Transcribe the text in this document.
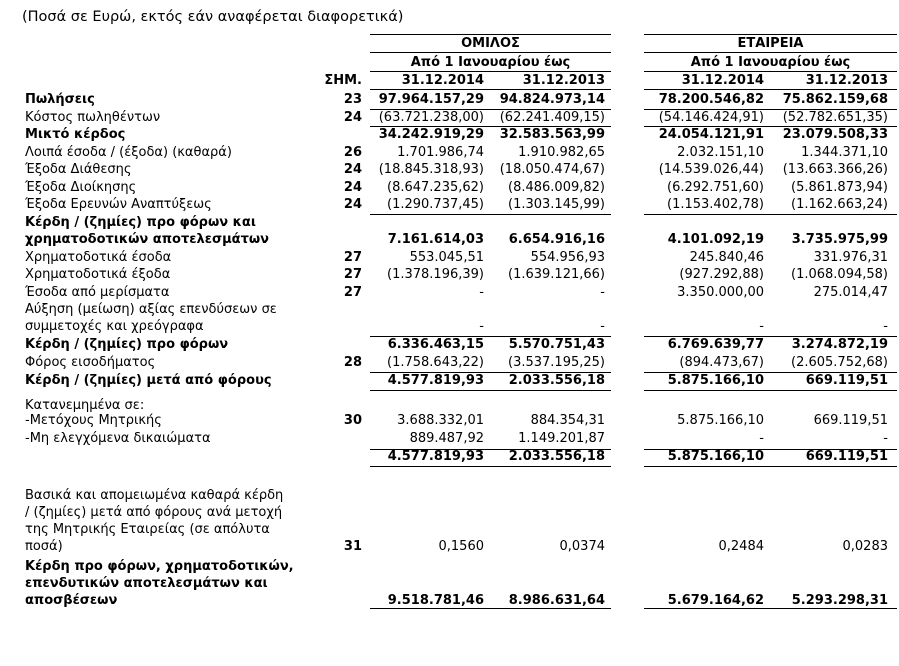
(Ποσά σε Ευρώ, εκτός εάν αναφέρεται διαφορετικά)
ΟΜΙΛΟΣ	ΕΤΑΙΡΕΙΑ
Από 1 Ιανουαρίου έως	Από 1 Ιανουαρίου έως
ΣΗΜ.	31.12.2014	31.12.2013	31.12.2014	31.12.2013
Πωλήσεις	23	97.964.157,29	94.824.973,14	78.200.546,82	75.862.159,68
Κόστος πωληθέντων	24	(63.721.238,00)	(62.241.409,15)	(54.146.424,91)	(52.782.651,35)
Μικτό κέρδος	34.242.919,29	32.583.563,99	24.054.121,91	23.079.508,33
Λοιπά έσοδα / (έξοδα) (καθαρά)	26	1.701.986,74	1.910.982,65	2.032.151,10	1.344.371,10
Έξοδα Διάθεσης	24	(18.845.318,93)	(18.050.474,67)	(14.539.026,44)	(13.663.366,26)
Έξοδα Διοίκησης	24	(8.647.235,62)	(8.486.009,82)	(6.292.751,60)	(5.861.873,94)
Έξοδα Ερευνών Αναπτύξεως	24	(1.290.737,45)	(1.303.145,99)	(1.153.402,78)	(1.162.663,24)
Κέρδη / (ζημίες) προ φόρων και
χρηματοδοτικών αποτελεσμάτων	7.161.614,03	6.654.916,16	4.101.092,19	3.735.975,99
Χρηματοδοτικά έσοδα	27	553.045,51	554.956,93	245.840,46	331.976,31
Χρηματοδοτικά έξοδα	27	(1.378.196,39)	(1.639.121,66)	(927.292,88)	(1.068.094,58)
Έσοδα από μερίσματα	27	-	-	3.350.000,00	275.014,47
Αύξηση (μείωση) αξίας επενδύσεων σε
συμμετοχές και χρεόγραφα	-	-	-	-
Κέρδη / (ζημίες) προ φόρων	6.336.463,15	5.570.751,43	6.769.639,77	3.274.872,19
Φόρος εισοδήματος	28	(1.758.643,22)	(3.537.195,25)	(894.473,67)	(2.605.752,68)
Κέρδη / (ζημίες) μετά από φόρους	4.577.819,93	2.033.556,18	5.875.166,10	669.119,51
Κατανεμημένα σε:
-Μετόχους Μητρικής	30	3.688.332,01	884.354,31	5.875.166,10	669.119,51
-Μη ελεγχόμενα δικαιώματα	889.487,92	1.149.201,87	-	-
4.577.819,93	2.033.556,18	5.875.166,10	669.119,51
Βασικά και απομειωμένα καθαρά κέρδη
/ (ζημίες) μετά από φόρους ανά μετοχή
της Μητρικής Εταιρείας (σε απόλυτα
ποσά)	31	0,1560	0,0374	0,2484	0,0283
Κέρδη προ φόρων, χρηματοδοτικών,
επενδυτικών αποτελεσμάτων και
αποσβέσεων	9.518.781,46	8.986.631,64	5.679.164,62	5.293.298,31
